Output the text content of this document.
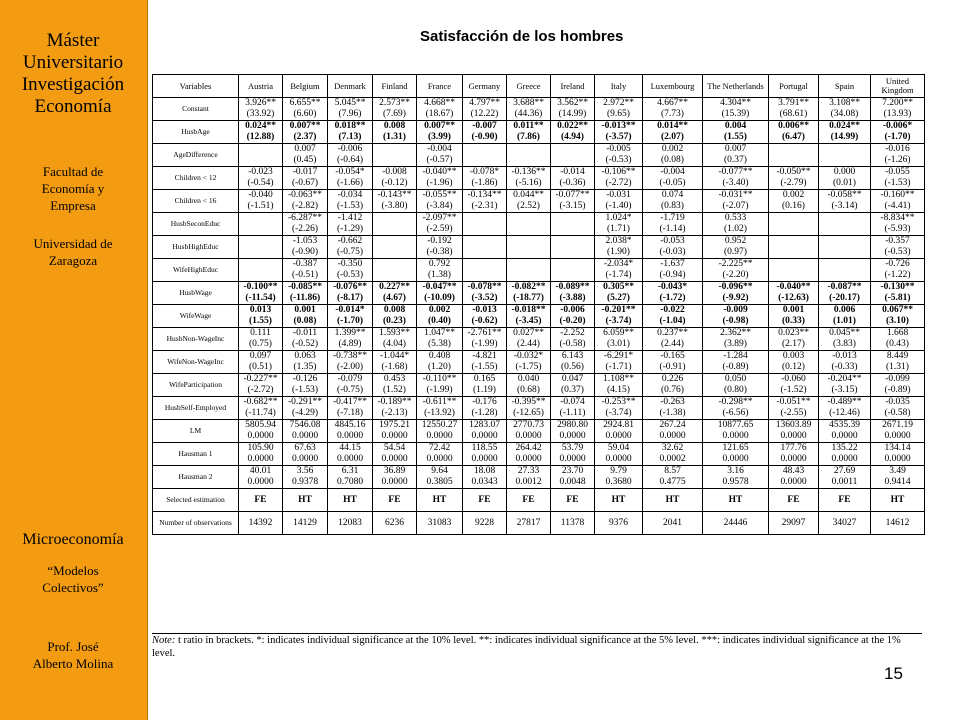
Máster
Universitario
Investigación
Economía
Facultad de
Economía y
Empresa
Universidad de
Zaragoza
Microeconomía
“Modelos
Colectivos”
Prof. José
Alberto Molina
Satisfacción de los hombres
Variables	Austria	Belgium	Denmark	Finland	France	Germany	Greece	Ireland	Italy	Luxembourg	The Netherlands	Portugal	Spain	United Kingdom
Constant	3.926**	6.655**	5.045**	2.573**	4.668**	4.797**	3.688**	3.562**	2.972**	4.667**	4.304**	3.791**	3.108**	7.200**
	(33.92)	(6.60)	(7.96)	(7.69)	(18.67)	(12.22)	(44.36)	(14.99)	(9.65)	(7.73)	(15.39)	(68.61)	(34.08)	(13.93)
HusbAge	0.024**	0.007**	0.018**	0.008	0.007**	-0.007	0.011**	0.022**	-0.013**	0.014**	0.004	0.006**	0.024**	-0.006*
	(12.88)	(2.37)	(7.13)	(1.31)	(3.99)	(-0.90)	(7.86)	(4.94)	(-3.57)	(2.07)	(1.55)	(6.47)	(14.99)	(-1.70)
AgeDifference		0.007	-0.006		-0.004				-0.005	0.002	0.007			-0.016
		(0.45)	(-0.64)		(-0.57)				(-0.53)	(0.08)	(0.37)			(-1.26)
Children < 12	-0.023	-0.017	-0.054*	-0.008	-0.040**	-0.078*	-0.136**	-0.014	-0.106**	-0.004	-0.077**	-0.050**	0.000	-0.055
	(-0.54)	(-0.67)	(-1.66)	(-0.12)	(-1.96)	(-1.86)	(-5.16)	(-0.36)	(-2.72)	(-0.05)	(-3.40)	(-2.79)	(0.01)	(-1.53)
Children < 16	-0.040	-0.063**	-0.034	-0.143**	-0.055**	-0.134**	0.044**	-0.077**	-0.031	0.074	-0.031**	0.002	-0.058**	-0.160**
	(-1.51)	(-2.82)	(-1.53)	(-3.80)	(-3.84)	(-2.31)	(2.52)	(-3.15)	(-1.40)	(0.83)	(-2.07)	(0.16)	(-3.14)	(-4.41)
HusbSeconEduc		-6.287**	-1.412		-2.097**				1.024*	-1.719	0.533			-8.834**
		(-2.26)	(-1.29)		(-2.59)				(1.71)	(-1.14)	(1.02)			(-5.93)
HusbHighEduc		-1.053	-0.662		-0.192				2.038*	-0.053	0.952			-0.357
		(-0.90)	(-0.75)		(-0.38)				(1.90)	(-0.03)	(0.97)			(-0.53)
WifeHighEduc		-0.387	-0.350		0.792				-2.034*	-1.637	-2.225**			-0.726
		(-0.51)	(-0.53)		(1.38)				(-1.74)	(-0.94)	(-2.20)			(-1.22)
HusbWage	-0.100**	-0.085**	-0.076**	0.227**	-0.047**	-0.078**	-0.082**	-0.089**	0.305**	-0.043*	-0.096**	-0.040**	-0.087**	-0.130**
	(-11.54)	(-11.86)	(-8.17)	(4.67)	(-10.09)	(-3.52)	(-18.77)	(-3.88)	(5.27)	(-1.72)	(-9.92)	(-12.63)	(-20.17)	(-5.81)
WifeWage	0.013	0.001	-0.014*	0.008	0.002	-0.013	-0.018**	-0.006	-0.201**	-0.022	-0.009	0.001	0.006	0.067**
	(1.55)	(0.08)	(-1.70)	(0.23)	(0.40)	(-0.62)	(-3.45)	(-0.20)	(-3.74)	(-1.04)	(-0.98)	(0.33)	(1.01)	(3.10)
HusbNon-WageInc	0.111	-0.011	1.399**	1.593**	1.047**	-2.761**	0.027**	-2.252	6.059**	0.237**	2.362**	0.023**	0.045**	1.668
	(0.75)	(-0.52)	(4.89)	(4.04)	(5.38)	(-1.99)	(2.44)	(-0.58)	(3.01)	(2.44)	(3.89)	(2.17)	(3.83)	(0.43)
WifeNon-WageInc	0.097	0.063	-0.738**	-1.044*	0.408	-4.821	-0.032*	6.143	-6.291*	-0.165	-1.284	0.003	-0.013	8.449
	(0.51)	(1.35)	(-2.00)	(-1.68)	(1.20)	(-1.55)	(-1.75)	(0.56)	(-1.71)	(-0.91)	(-0.89)	(0.12)	(-0.33)	(1.31)
WifeParticipation	-0.227**	-0.126	-0.079	0.453	-0.110**	0.165	0.040	0.047	1.108**	0.226	0.050	-0.060	-0.204**	-0.099
	(-2.72)	(-1.53)	(-0.75)	(1.52)	(-1.99)	(1.19)	(0.68)	(0.37)	(4.15)	(0.76)	(0.80)	(-1.52)	(-3.15)	(-0.89)
HusbSelf-Employed	-0.682**	-0.291**	-0.417**	-0.189**	-0.611**	-0.176	-0.395**	-0.074	-0.253**	-0.263	-0.298**	-0.051**	-0.489**	-0.035
	(-11.74)	(-4.29)	(-7.18)	(-2.13)	(-13.92)	(-1.28)	(-12.65)	(-1.11)	(-3.74)	(-1.38)	(-6.56)	(-2.55)	(-12.46)	(-0.58)
LM	5805.94	7546.08	4845.16	1975.21	12550.27	1283.07	2770.73	2980.80	2924.81	267.24	10877.65	13603.89	4535.39	2671.19
	0.0000	0.0000	0.0000	0.0000	0.0000	0.0000	0.0000	0.0000	0.0000	0.0000	0.0000	0.0000	0.0000	0.0000
Hausman 1	105.90	67.63	44.15	54.54	72.42	118.55	264.42	53.79	59.04	32.62	121.65	177.76	135.22	134.14
	0.0000	0.0000	0.0000	0.0000	0.0000	0.0000	0.0000	0.0000	0.0000	0.0002	0.0000	0.0000	0.0000	0.0000
Hausman 2	40.01	3.56	6.31	36.89	9.64	18.08	27.33	23.70	9.79	8.57	3.16	48.43	27.69	3.49
	0.0000	0.9378	0.7080	0.0000	0.3805	0.0343	0.0012	0.0048	0.3680	0.4775	0.9578	0.0000	0.0011	0.9414
Selected estimation	FE	HT	HT	FE	HT	FE	FE	FE	HT	HT	HT	FE	FE	HT
Number of observations	14392	14129	12083	6236	31083	9228	27817	11378	9376	2041	24446	29097	34027	14612
Note: t ratio in brackets. *: indicates individual significance at the 10% level. **: indicates individual significance at the 5% level. ***: indicates individual significance at the 1% level.
15
